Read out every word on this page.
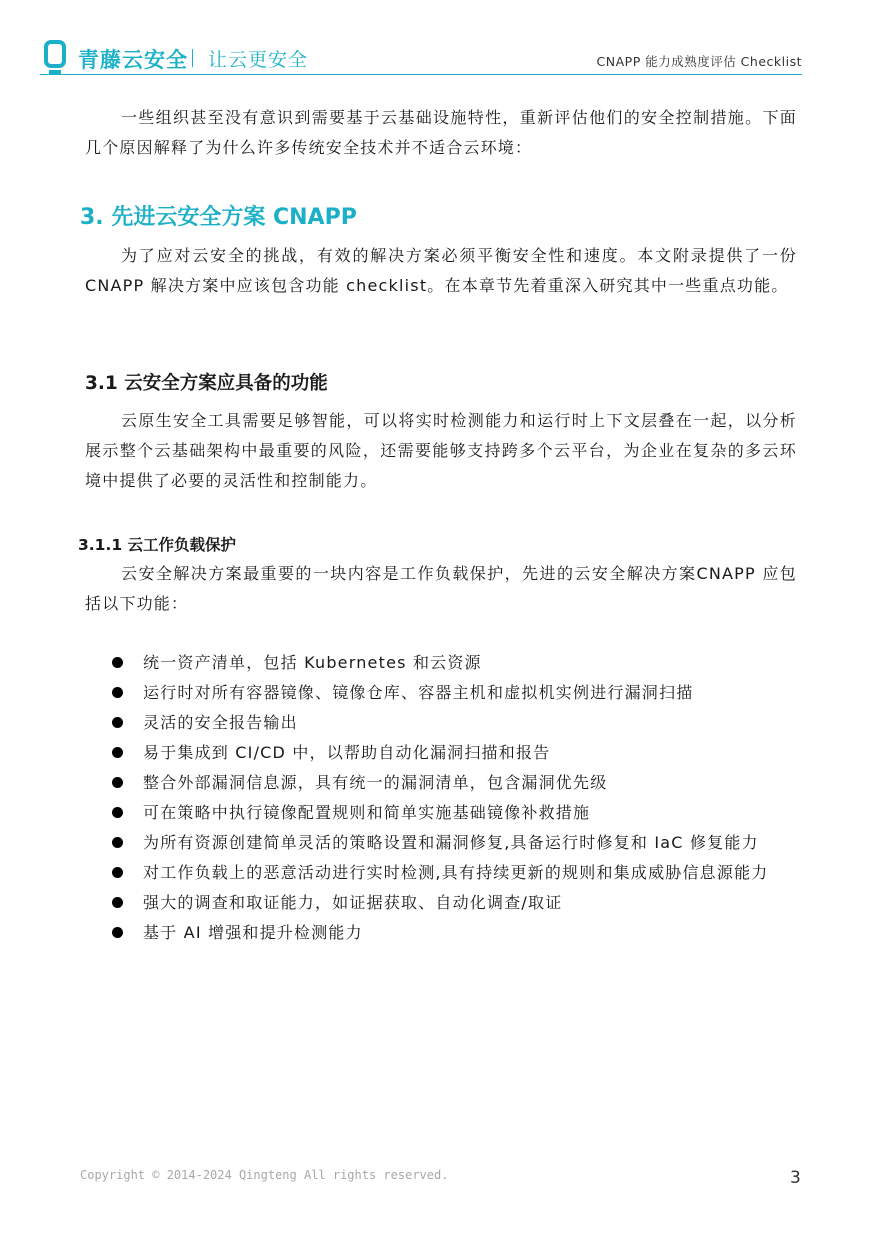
青藤云安全 让云更安全	CNAPP 能力成熟度评估 Checklist

一些组织甚至没有意识到需要基于云基础设施特性，重新评估他们的安全控制措施。下面几个原因解释了为什么许多传统安全技术并不适合云环境：

3. 先进云安全方案 CNAPP

为了应对云安全的挑战，有效的解决方案必须平衡安全性和速度。本文附录提供了一份 CNAPP 解决方案中应该包含功能 checklist。在本章节先着重深入研究其中一些重点功能。

3.1 云安全方案应具备的功能

云原生安全工具需要足够智能，可以将实时检测能力和运行时上下文层叠在一起，以分析展示整个云基础架构中最重要的风险，还需要能够支持跨多个云平台，为企业在复杂的多云环境中提供了必要的灵活性和控制能力。

3.1.1 云工作负载保护

云安全解决方案最重要的一块内容是工作负载保护，先进的云安全解决方案CNAPP 应包括以下功能：

统一资产清单，包括 Kubernetes 和云资源
运行时对所有容器镜像、镜像仓库、容器主机和虚拟机实例进行漏洞扫描
灵活的安全报告输出
易于集成到 CI/CD 中，以帮助自动化漏洞扫描和报告
整合外部漏洞信息源，具有统一的漏洞清单，包含漏洞优先级
可在策略中执行镜像配置规则和简单实施基础镜像补救措施
为所有资源创建简单灵活的策略设置和漏洞修复,具备运行时修复和 IaC 修复能力
对工作负载上的恶意活动进行实时检测,具有持续更新的规则和集成威胁信息源能力
强大的调查和取证能力，如证据获取、自动化调查/取证
基于 AI 增强和提升检测能力
Copyright © 2014-2024 Qingteng All rights reserved.	3
